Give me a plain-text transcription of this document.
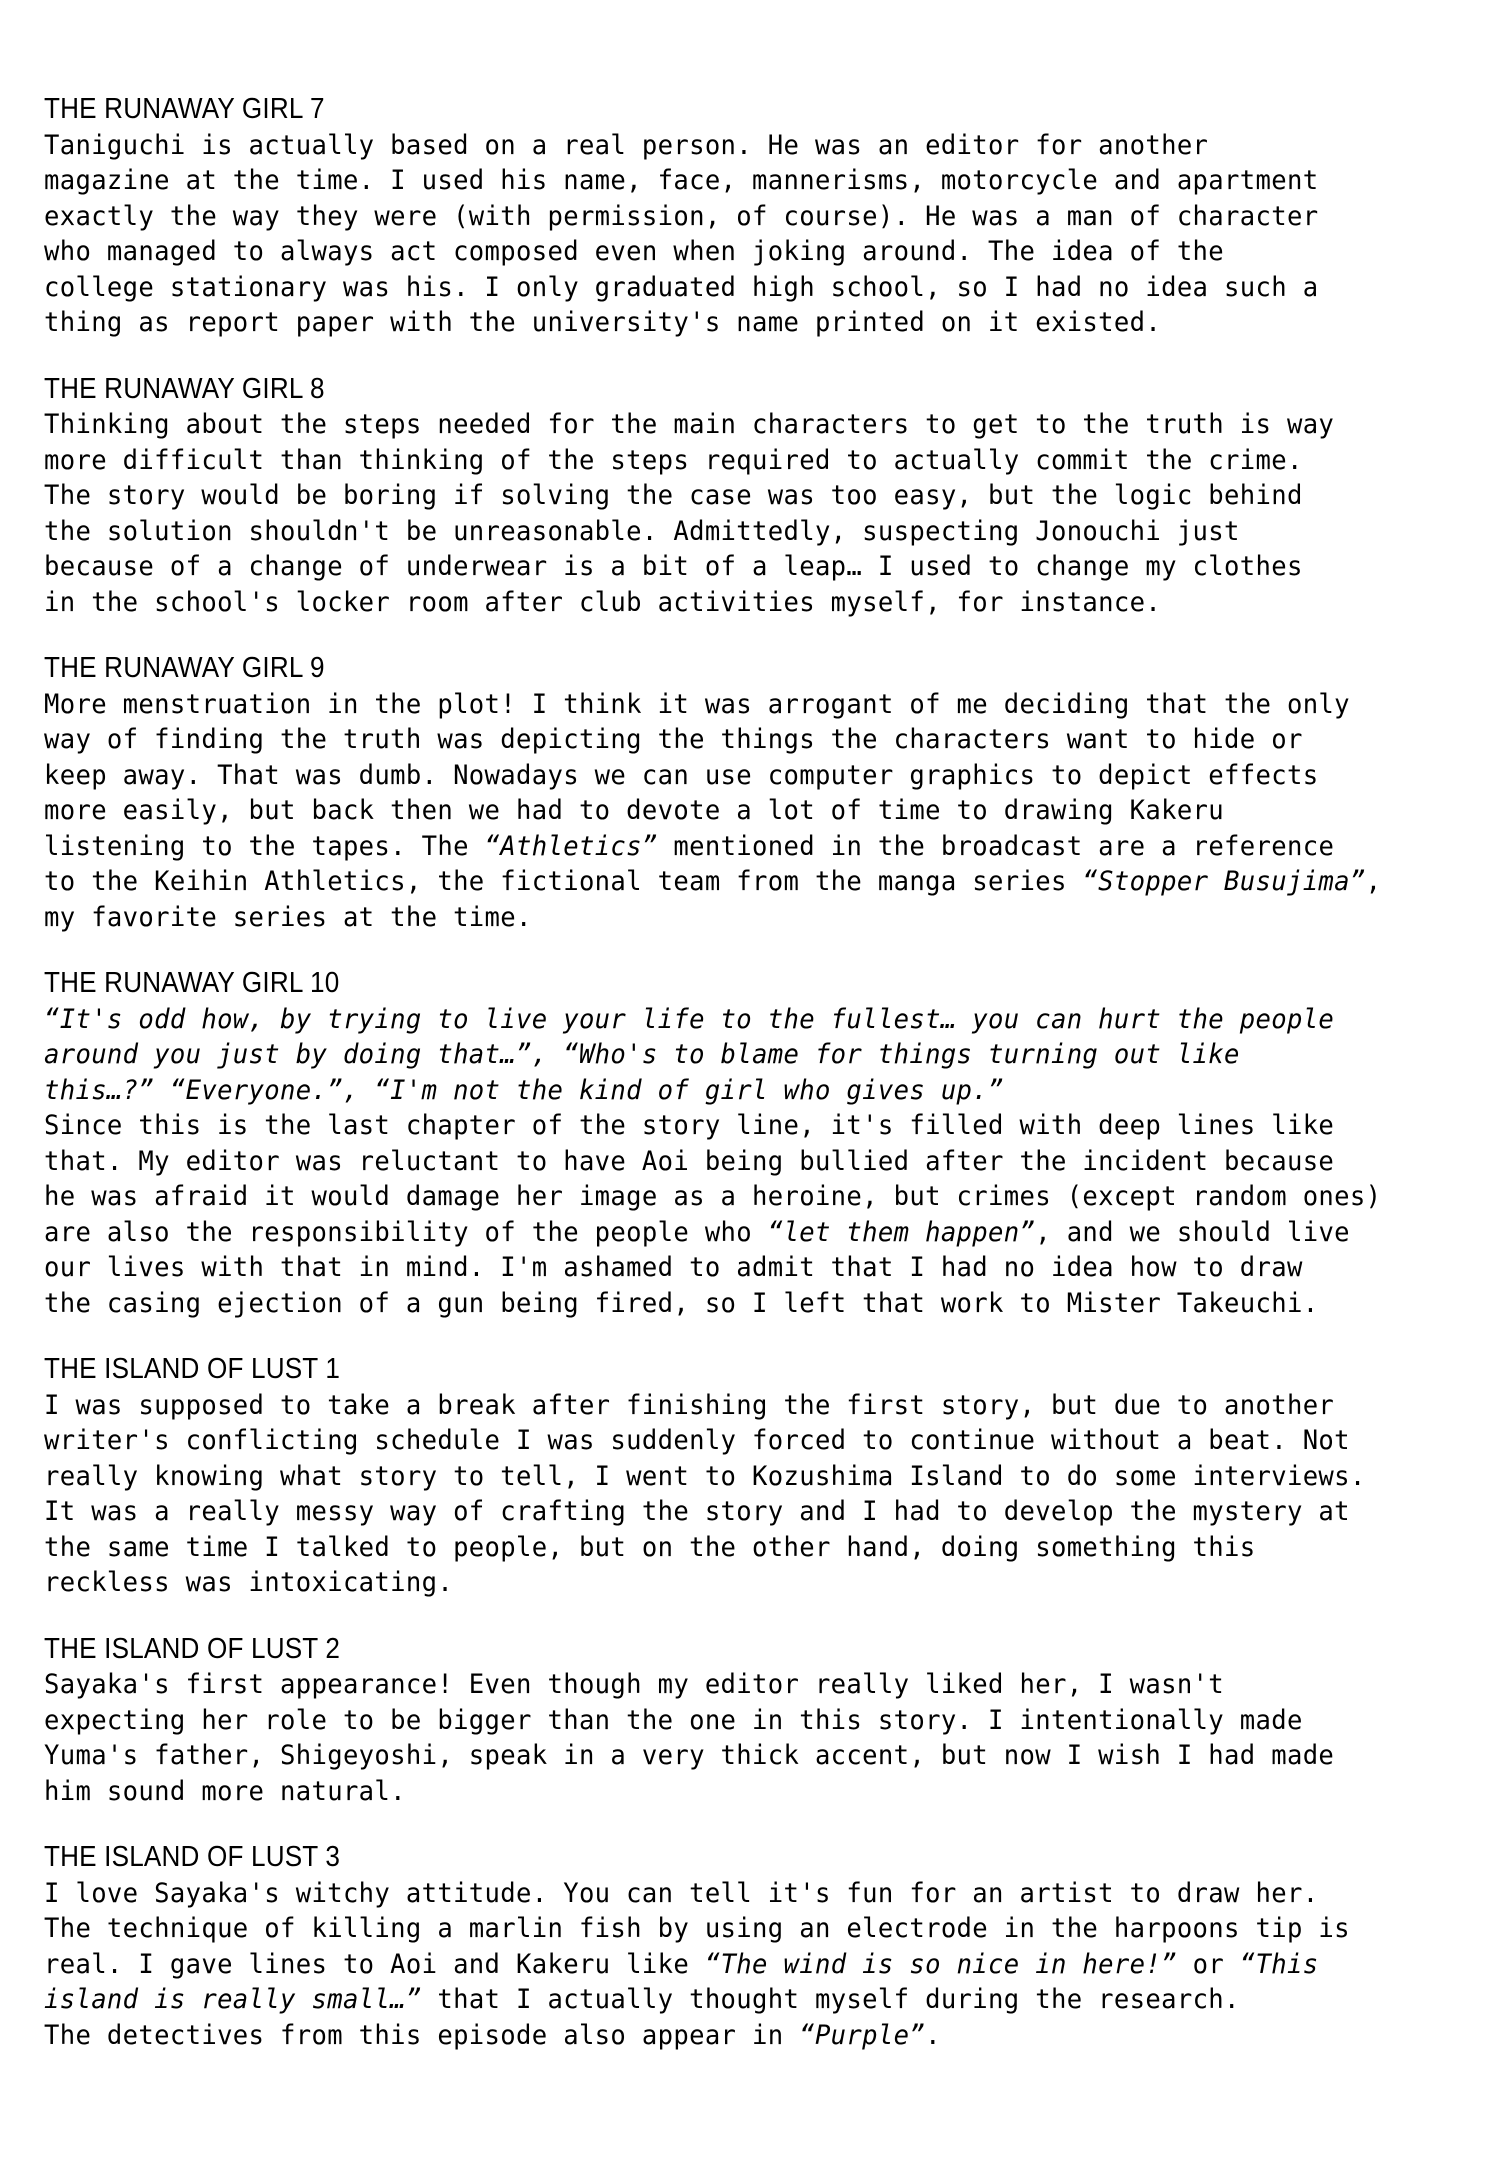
THE RUNAWAY GIRL 7
Taniguchi is actually based on a real person. He was an editor for another
magazine at the time. I used his name, face, mannerisms, motorcycle and apartment
exactly the way they were (with permission, of course). He was a man of character
who managed to always act composed even when joking around. The idea of the
college stationary was his. I only graduated high school, so I had no idea such a
thing as report paper with the university's name printed on it existed.
THE RUNAWAY GIRL 8
Thinking about the steps needed for the main characters to get to the truth is way
more difficult than thinking of the steps required to actually commit the crime.
The story would be boring if solving the case was too easy, but the logic behind
the solution shouldn't be unreasonable. Admittedly, suspecting Jonouchi just
because of a change of underwear is a bit of a leap… I used to change my clothes
in the school's locker room after club activities myself, for instance.
THE RUNAWAY GIRL 9
More menstruation in the plot! I think it was arrogant of me deciding that the only
way of finding the truth was depicting the things the characters want to hide or
keep away. That was dumb. Nowadays we can use computer graphics to depict effects
more easily, but back then we had to devote a lot of time to drawing Kakeru
listening to the tapes. The “Athletics” mentioned in the broadcast are a reference
to the Keihin Athletics, the fictional team from the manga series “Stopper Busujima”,
my favorite series at the time.
THE RUNAWAY GIRL 10
“It's odd how, by trying to live your life to the fullest… you can hurt the people
around you just by doing that…”, “Who's to blame for things turning out like
this…?” “Everyone.”, “I'm not the kind of girl who gives up.”
Since this is the last chapter of the story line, it's filled with deep lines like
that. My editor was reluctant to have Aoi being bullied after the incident because
he was afraid it would damage her image as a heroine, but crimes (except random ones)
are also the responsibility of the people who “let them happen”, and we should live
our lives with that in mind. I'm ashamed to admit that I had no idea how to draw
the casing ejection of a gun being fired, so I left that work to Mister Takeuchi.
THE ISLAND OF LUST 1
I was supposed to take a break after finishing the first story, but due to another
writer's conflicting schedule I was suddenly forced to continue without a beat. Not
really knowing what story to tell, I went to Kozushima Island to do some interviews.
It was a really messy way of crafting the story and I had to develop the mystery at
the same time I talked to people, but on the other hand, doing something this
reckless was intoxicating.
THE ISLAND OF LUST 2
Sayaka's first appearance! Even though my editor really liked her, I wasn't
expecting her role to be bigger than the one in this story. I intentionally made
Yuma's father, Shigeyoshi, speak in a very thick accent, but now I wish I had made
him sound more natural.
THE ISLAND OF LUST 3
I love Sayaka's witchy attitude. You can tell it's fun for an artist to draw her.
The technique of killing a marlin fish by using an electrode in the harpoons tip is
real. I gave lines to Aoi and Kakeru like “The wind is so nice in here!” or “This
island is really small…” that I actually thought myself during the research.
The detectives from this episode also appear in “Purple”.
